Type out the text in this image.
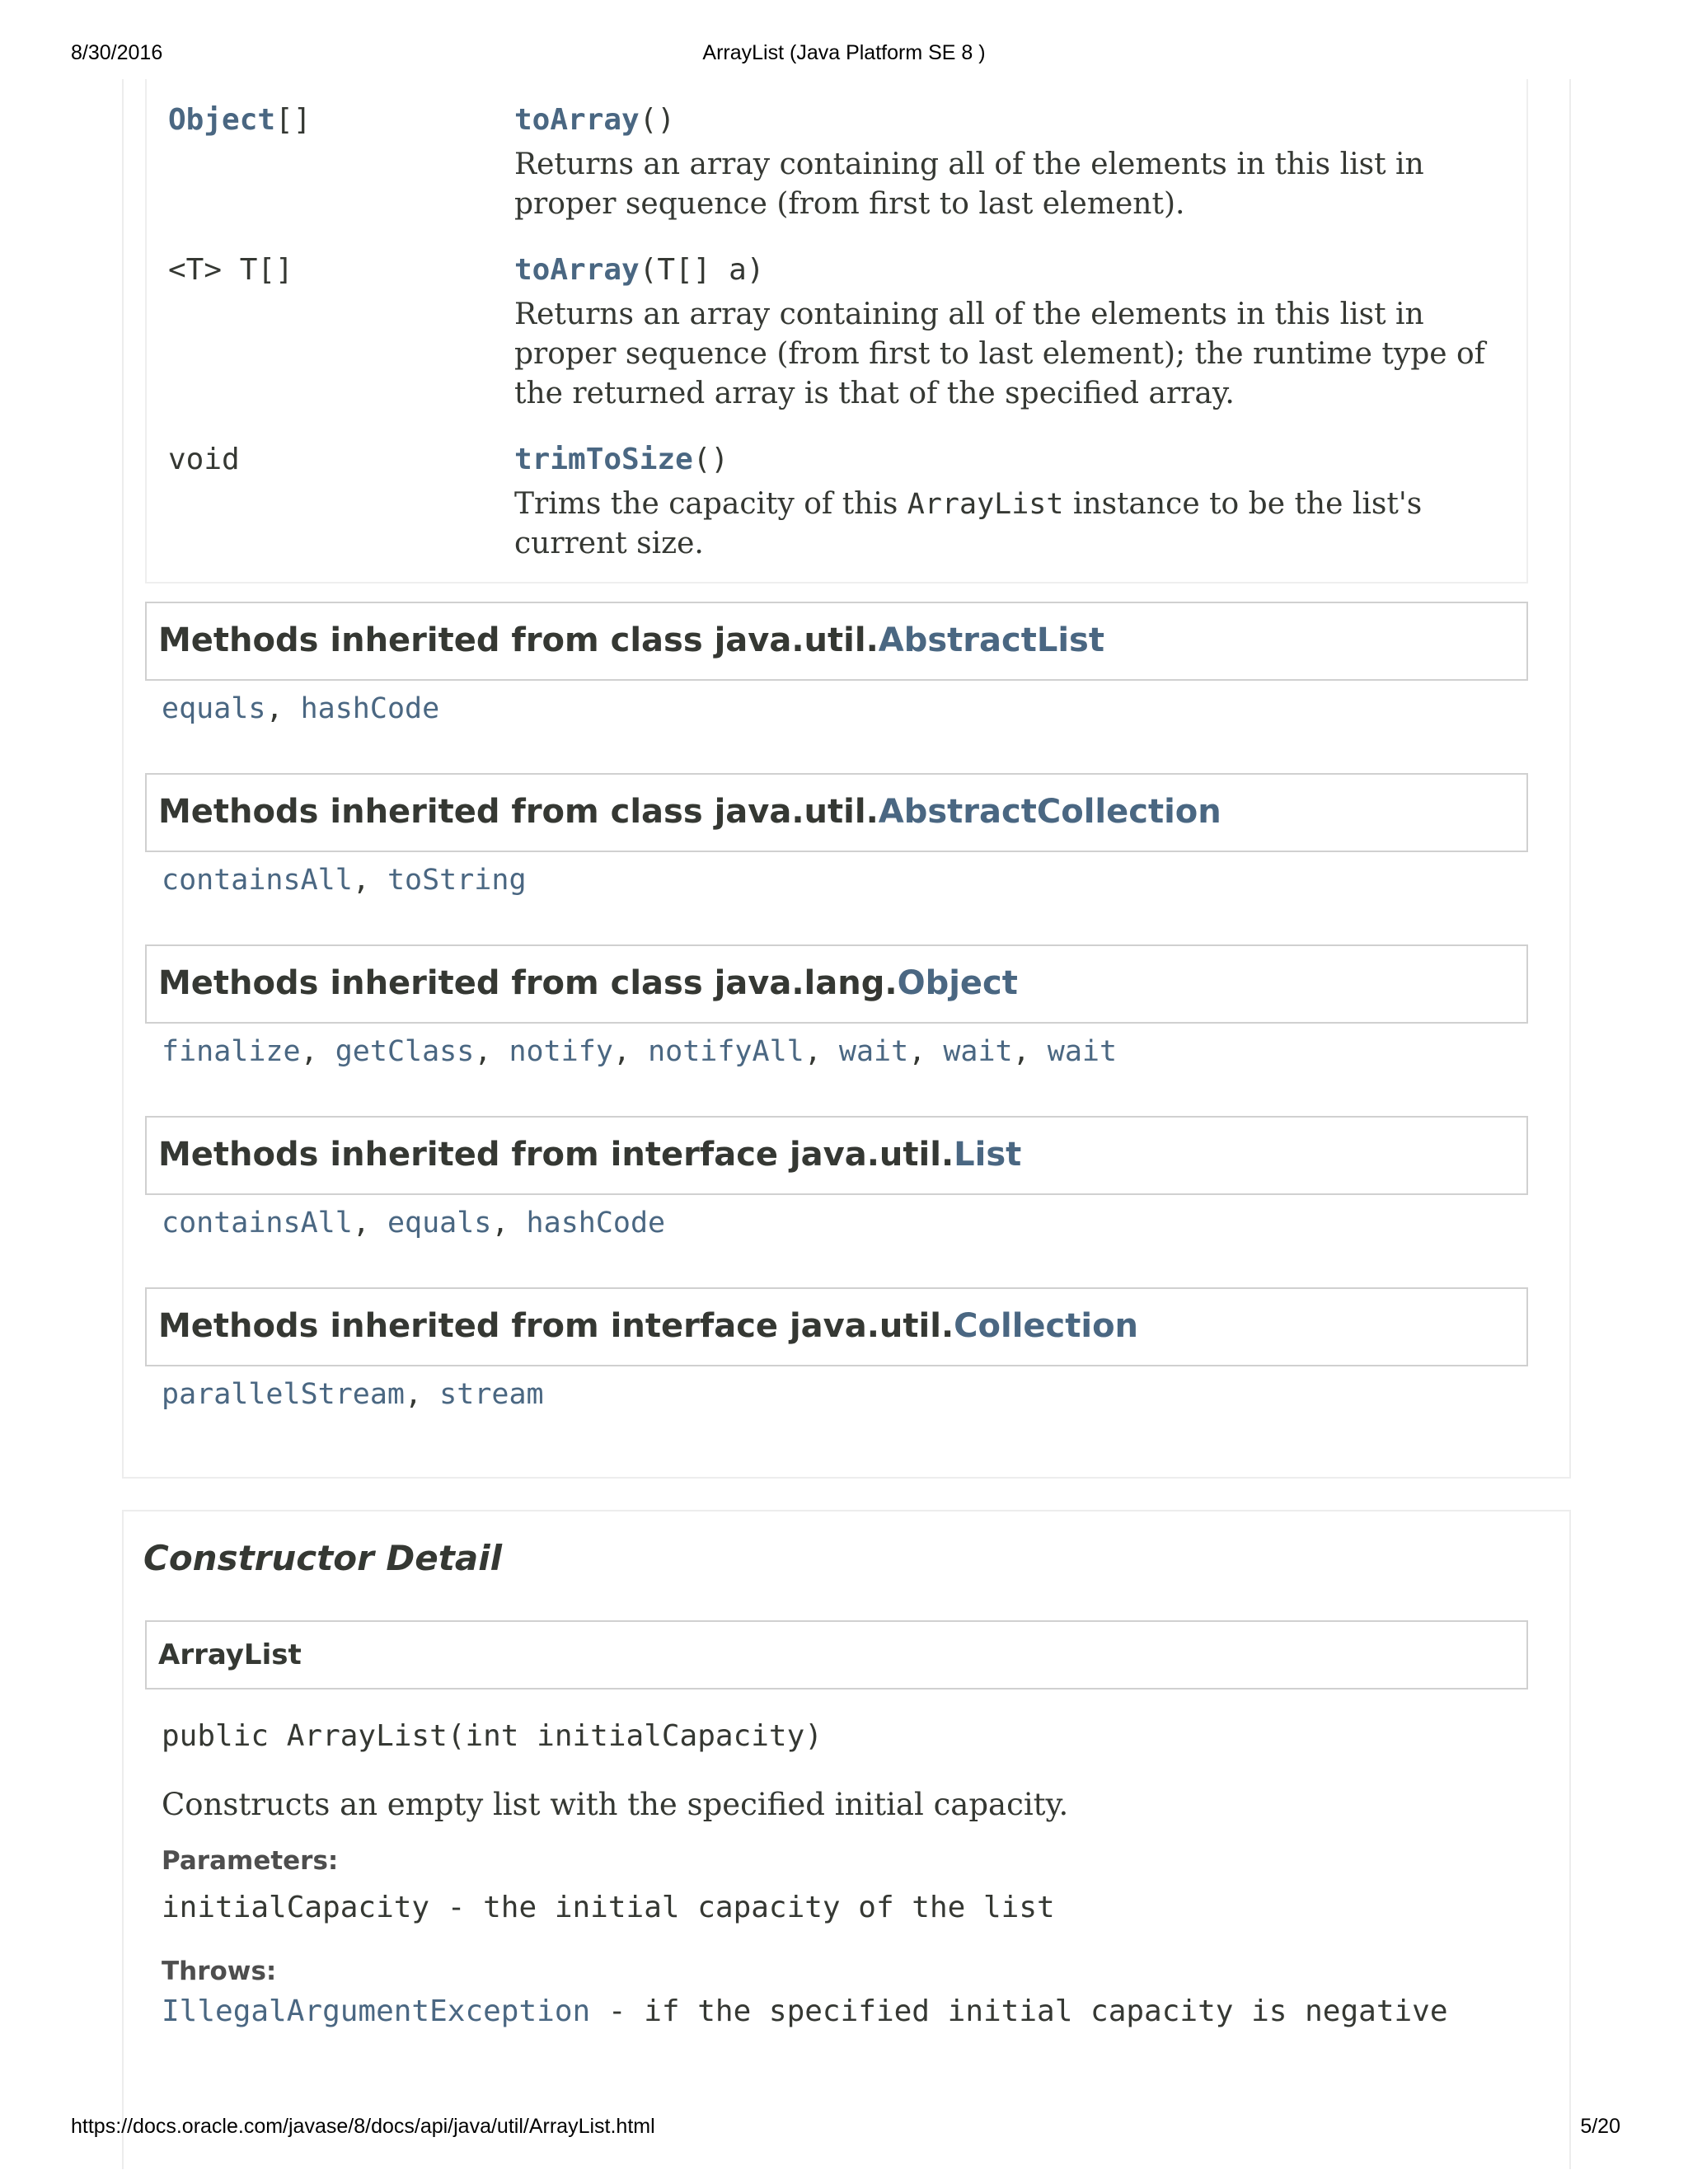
8/30/2016	ArrayList (Java Platform SE 8 )
Object[]	toArray()
Returns an array containing all of the elements in this list in
proper sequence (from first to last element).
<T> T[]	toArray(T[] a)
Returns an array containing all of the elements in this list in
proper sequence (from first to last element); the runtime type of
the returned array is that of the specified array.
void	trimToSize()
Trims the capacity of this ArrayList instance to be the list's
current size.
Methods inherited from class java.util.AbstractList
equals, hashCode
Methods inherited from class java.util.AbstractCollection
containsAll, toString
Methods inherited from class java.lang.Object
finalize, getClass, notify, notifyAll, wait, wait, wait
Methods inherited from interface java.util.List
containsAll, equals, hashCode
Methods inherited from interface java.util.Collection
parallelStream, stream
Constructor Detail
ArrayList
public ArrayList(int initialCapacity)
Constructs an empty list with the specified initial capacity.
Parameters:
initialCapacity - the initial capacity of the list
Throws:
IllegalArgumentException - if the specified initial capacity is negative
https://docs.oracle.com/javase/8/docs/api/java/util/ArrayList.html	5/20
